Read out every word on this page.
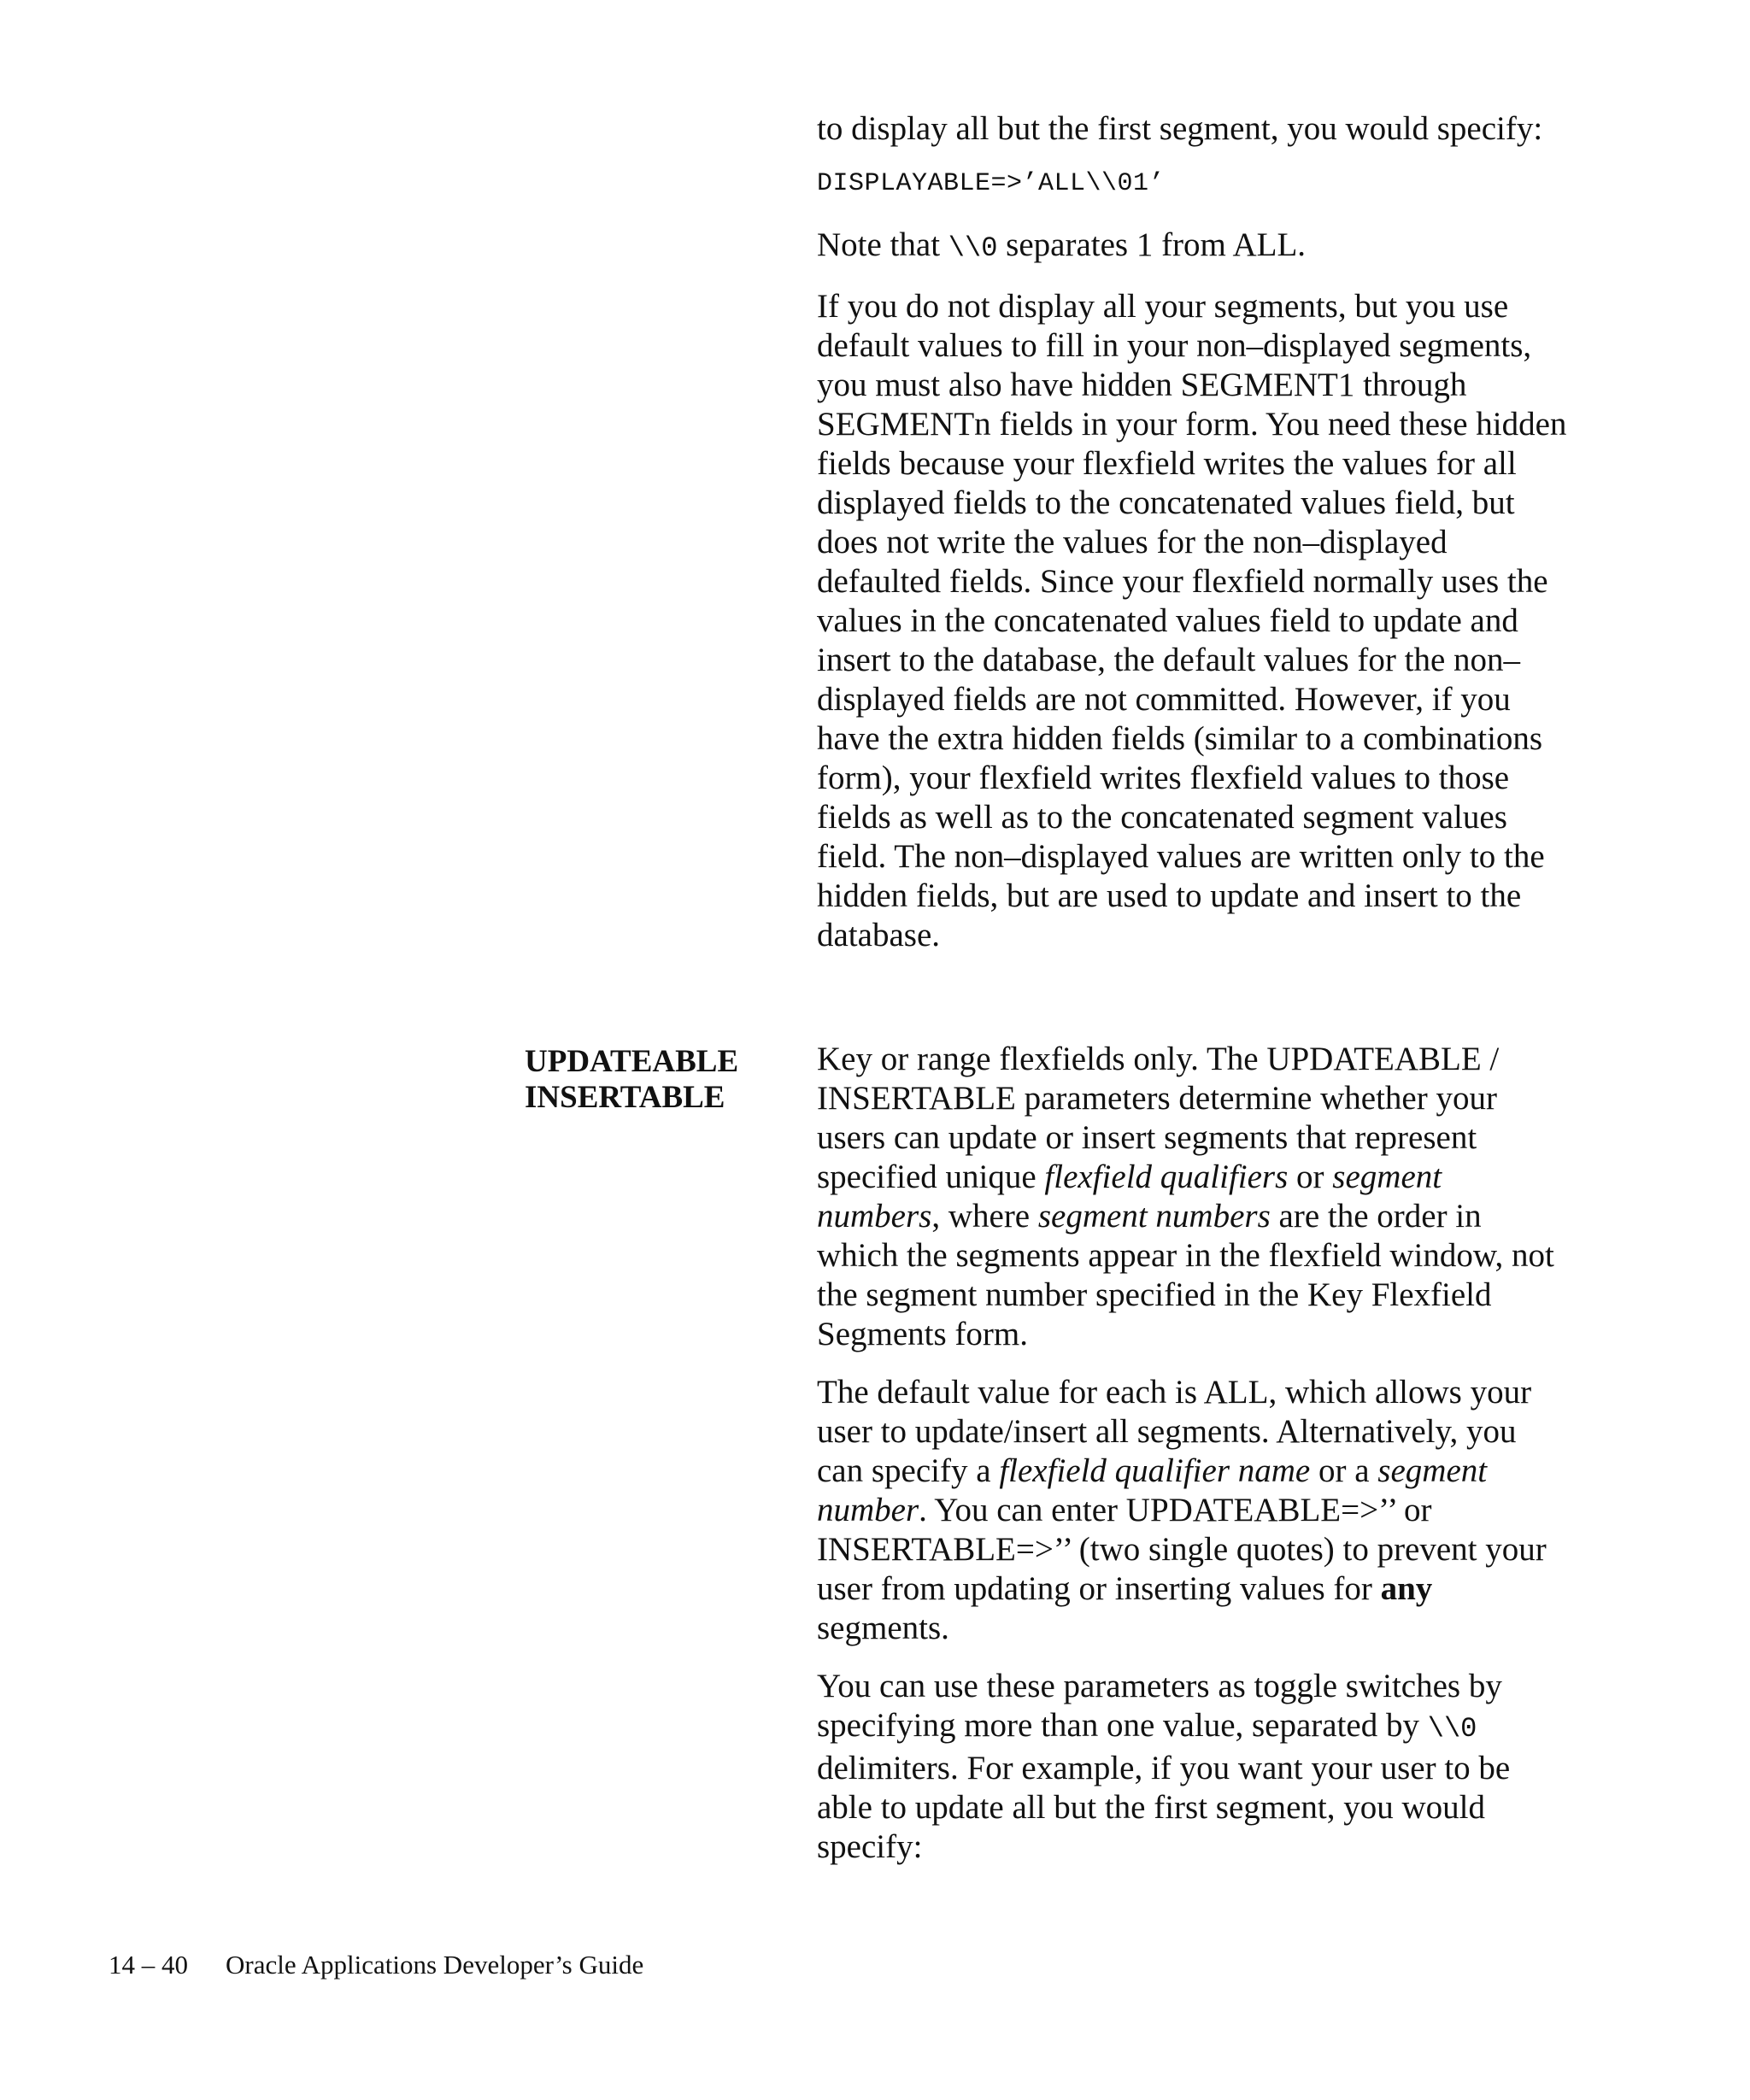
to display all but the first segment, you would specify:

DISPLAYABLE=>’ALL\\01’

Note that \\0 separates 1 from ALL.

If you do not display all your segments, but you use default values to fill in your non–displayed segments, you must also have hidden SEGMENT1 through SEGMENTn fields in your form. You need these hidden fields because your flexfield writes the values for all displayed fields to the concatenated values field, but does not write the values for the non–displayed defaulted fields. Since your flexfield normally uses the values in the concatenated values field to update and insert to the database, the default values for the non–displayed fields are not committed. However, if you have the extra hidden fields (similar to a combinations form), your flexfield writes flexfield values to those fields as well as to the concatenated segment values field. The non–displayed values are written only to the hidden fields, but are used to update and insert to the database.

UPDATEABLE
INSERTABLE

Key or range flexfields only. The UPDATEABLE / INSERTABLE parameters determine whether your users can update or insert segments that represent specified unique flexfield qualifiers or segment numbers, where segment numbers are the order in which the segments appear in the flexfield window, not the segment number specified in the Key Flexfield Segments form.

The default value for each is ALL, which allows your user to update/insert all segments. Alternatively, you can specify a flexfield qualifier name or a segment number. You can enter UPDATEABLE=>’’ or INSERTABLE=>’’ (two single quotes) to prevent your user from updating or inserting values for any segments.

You can use these parameters as toggle switches by specifying more than one value, separated by \\0 delimiters. For example, if you want your user to be able to update all but the first segment, you would specify:

14 – 40 Oracle Applications Developer’s Guide
